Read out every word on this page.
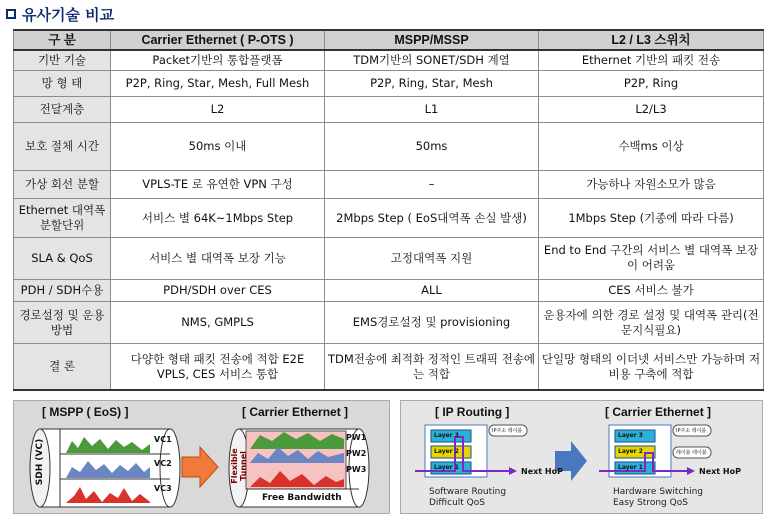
유사기술 비교
구 분	Carrier Ethernet ( P-OTS )	MSPP/MSSP	L2 / L3 스위치
기반 기술	Packet기반의 통합플랫폼	TDM기반의 SONET/SDH 계열	Ethernet 기반의 패킷 전송
망 형 태	P2P, Ring, Star, Mesh, Full Mesh	P2P, Ring, Star, Mesh	P2P, Ring
전달계층	L2	L1	L2/L3
보호 절체 시간	50ms 이내	50ms	수백ms 이상
가상 회선 분할	VPLS-TE 로 유연한 VPN 구성	–	가능하나 자원소모가 많음
Ethernet 대역폭 분할단위	서비스 별 64K~1Mbps Step	2Mbps Step ( EoS대역폭 손실 발생)	1Mbps Step (기종에 따라 다름)
SLA & QoS	서비스 별 대역폭 보장 기능	고정대역폭 지원	End to End 구간의 서비스 별 대역폭 보장이 어려움
PDH / SDH수용	PDH/SDH over CES	ALL	CES 서비스 불가
경로설정 및 운용방법	NMS, GMPLS	EMS경로설정 및 provisioning	운용자에 의한 경로 설정 및 대역폭 관리(전문지식필요)
결 론	다양한 형태 패킷 전송에 적합 E2E VPLS, CES 서비스 통합	TDM전송에 최적화 정적인 트래픽 전송에는 적합	단일망 형태의 이더넷 서비스만 가능하며 저비용 구축에 적합
[ MSPP ( EoS) ]	[ Carrier Ethernet ]
SDH (VC)	VC1
VC2
VC3
Flexible Tunnel
PW1
PW2
PW3
Free Bandwidth
[ IP Routing ]	[ Carrier Ethernet ]
Layer 3
Layer 2
Layer 1
IP주소 테이블
Next HoP
Software Routing
Difficult QoS
Layer 3
Layer 2
Layer 1
IP주소 테이블
레이블 테이블
Next HoP
Hardware Switching
Easy Strong QoS
